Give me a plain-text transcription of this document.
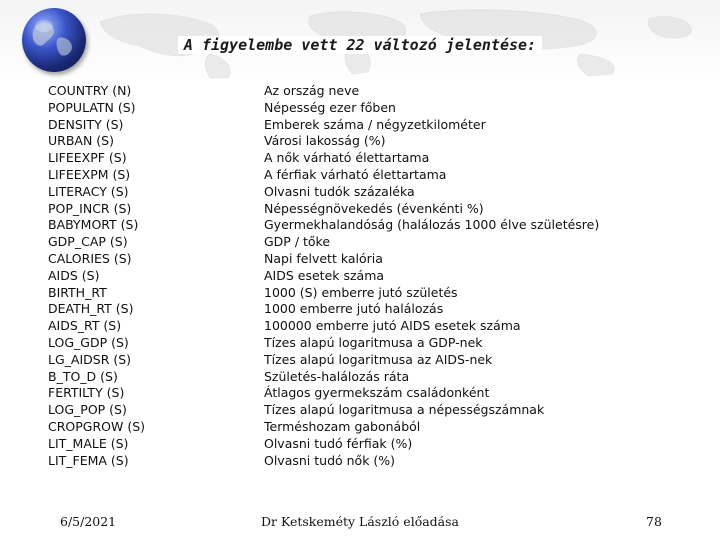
A figyelembe vett 22 változó jelentése:
COUNTRY (N)
POPULATN (S)
DENSITY (S)
URBAN (S)
LIFEEXPF (S)
LIFEEXPM (S)
LITERACY (S)
POP_INCR (S)
BABYMORT (S)
GDP_CAP (S)
CALORIES (S)
AIDS (S)
BIRTH_RT
DEATH_RT (S)
AIDS_RT (S)
LOG_GDP (S)
LG_AIDSR (S)
B_TO_D (S)
FERTILTY (S)
LOG_POP (S)
CROPGROW (S)
LIT_MALE (S)
LIT_FEMA (S)
Az ország neve
Népesség ezer főben
Emberek száma / négyzetkilométer
Városi lakosság (%)
A nők várható élettartama
A férfiak várható élettartama
Olvasni tudók százaléka
Népességnövekedés (évenkénti %)
Gyermekhalandóság (halálozás 1000 élve születésre)
GDP / tőke
Napi felvett kalória
AIDS esetek száma
1000 (S) emberre jutó születés
1000 emberre jutó halálozás
100000 emberre jutó AIDS esetek száma
Tízes alapú logaritmusa a GDP-nek
Tízes alapú logaritmusa az AIDS-nek
Születés-halálozás ráta
Átlagos gyermekszám családonként
Tízes alapú logaritmusa a népességszámnak
Terméshozam gabonából
Olvasni tudó férfiak (%)
Olvasni tudó nők (%)
6/5/2021	Dr Ketskeméty László előadása	78
